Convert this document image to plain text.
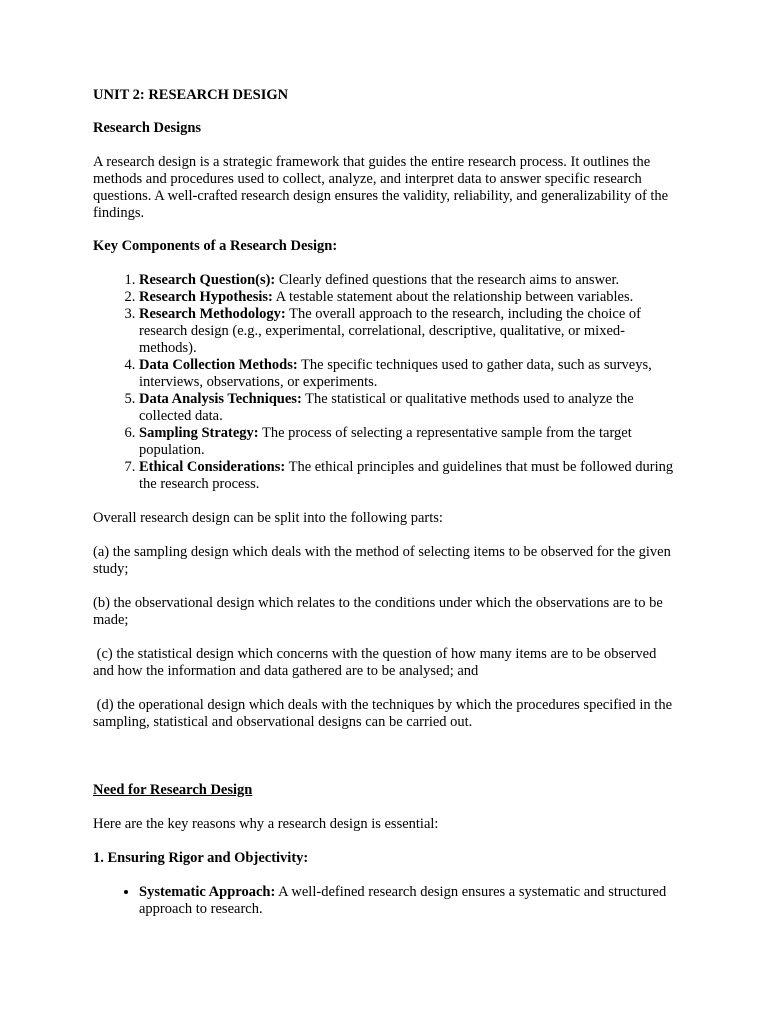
UNIT 2: RESEARCH DESIGN

Research Designs

A research design is a strategic framework that guides the entire research process. It outlines the methods and procedures used to collect, analyze, and interpret data to answer specific research questions. A well-crafted research design ensures the validity, reliability, and generalizability of the findings.

Key Components of a Research Design:

1. Research Question(s): Clearly defined questions that the research aims to answer.
2. Research Hypothesis: A testable statement about the relationship between variables.
3. Research Methodology: The overall approach to the research, including the choice of research design (e.g., experimental, correlational, descriptive, qualitative, or mixed-methods).
4. Data Collection Methods: The specific techniques used to gather data, such as surveys, interviews, observations, or experiments.
5. Data Analysis Techniques: The statistical or qualitative methods used to analyze the collected data.
6. Sampling Strategy: The process of selecting a representative sample from the target population.
7. Ethical Considerations: The ethical principles and guidelines that must be followed during the research process.

Overall research design can be split into the following parts:

(a) the sampling design which deals with the method of selecting items to be observed for the given study;

(b) the observational design which relates to the conditions under which the observations are to be made;

(c) the statistical design which concerns with the question of how many items are to be observed and how the information and data gathered are to be analysed; and

(d) the operational design which deals with the techniques by which the procedures specified in the sampling, statistical and observational designs can be carried out.

Need for Research Design

Here are the key reasons why a research design is essential:

1. Ensuring Rigor and Objectivity:

• Systematic Approach: A well-defined research design ensures a systematic and structured approach to research.
